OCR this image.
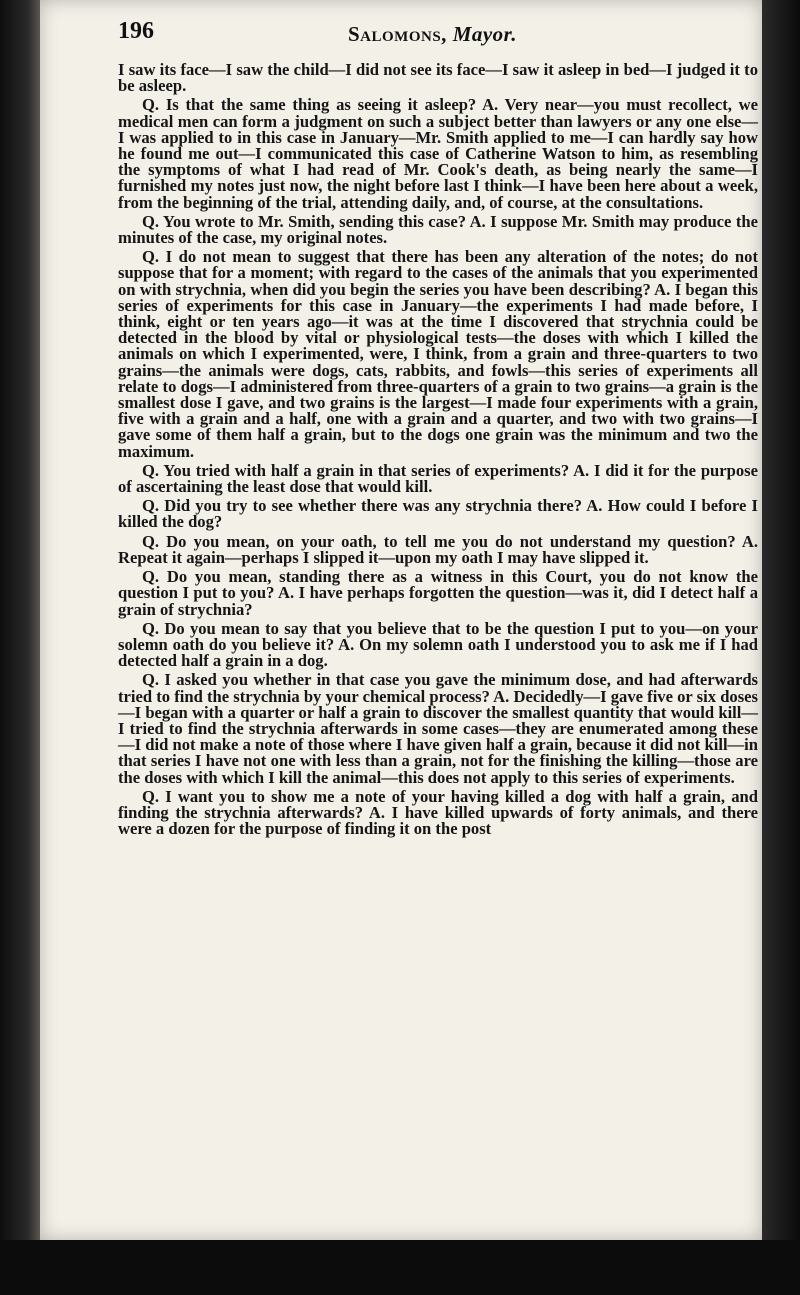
196	Salomons, Mayor.

I saw its face—I saw the child—I did not see its face—I saw it asleep in bed—I judged it to be asleep.

Q. Is that the same thing as seeing it asleep? A. Very near—you must recollect, we medical men can form a judgment on such a subject better than lawyers or any one else—I was applied to in this case in January—Mr. Smith applied to me—I can hardly say how he found me out—I communicated this case of Catherine Watson to him, as resembling the symptoms of what I had read of Mr. Cook's death, as being nearly the same—I furnished my notes just now, the night before last I think—I have been here about a week, from the beginning of the trial, attending daily, and, of course, at the consultations.

Q. You wrote to Mr. Smith, sending this case? A. I suppose Mr. Smith may produce the minutes of the case, my original notes.

Q. I do not mean to suggest that there has been any alteration of the notes; do not suppose that for a moment; with regard to the cases of the animals that you experimented on with strychnia, when did you begin the series you have been describing? A. I began this series of experiments for this case in January—the experiments I had made before, I think, eight or ten years ago—it was at the time I discovered that strychnia could be detected in the blood by vital or physiological tests—the doses with which I killed the animals on which I experimented, were, I think, from a grain and three-quarters to two grains—the animals were dogs, cats, rabbits, and fowls—this series of experiments all relate to dogs—I administered from three-quarters of a grain to two grains—a grain is the smallest dose I gave, and two grains is the largest—I made four experiments with a grain, five with a grain and a half, one with a grain and a quarter, and two with two grains—I gave some of them half a grain, but to the dogs one grain was the minimum and two the maximum.

Q. You tried with half a grain in that series of experiments? A. I did it for the purpose of ascertaining the least dose that would kill.

Q. Did you try to see whether there was any strychnia there? A. How could I before I killed the dog?

Q. Do you mean, on your oath, to tell me you do not understand my question? A. Repeat it again—perhaps I slipped it—upon my oath I may have slipped it.

Q. Do you mean, standing there as a witness in this Court, you do not know the question I put to you? A. I have perhaps forgotten the question—was it, did I detect half a grain of strychnia?

Q. Do you mean to say that you believe that to be the question I put to you—on your solemn oath do you believe it? A. On my solemn oath I understood you to ask me if I had detected half a grain in a dog.

Q. I asked you whether in that case you gave the minimum dose, and had afterwards tried to find the strychnia by your chemical process? A. Decidedly—I gave five or six doses—I began with a quarter or half a grain to discover the smallest quantity that would kill—I tried to find the strychnia afterwards in some cases—they are enumerated among these—I did not make a note of those where I have given half a grain, because it did not kill—in that series I have not one with less than a grain, not for the finishing the killing—those are the doses with which I kill the animal—this does not apply to this series of experiments.

Q. I want you to show me a note of your having killed a dog with half a grain, and finding the strychnia afterwards? A. I have killed upwards of forty animals, and there were a dozen for the purpose of finding it on the post
